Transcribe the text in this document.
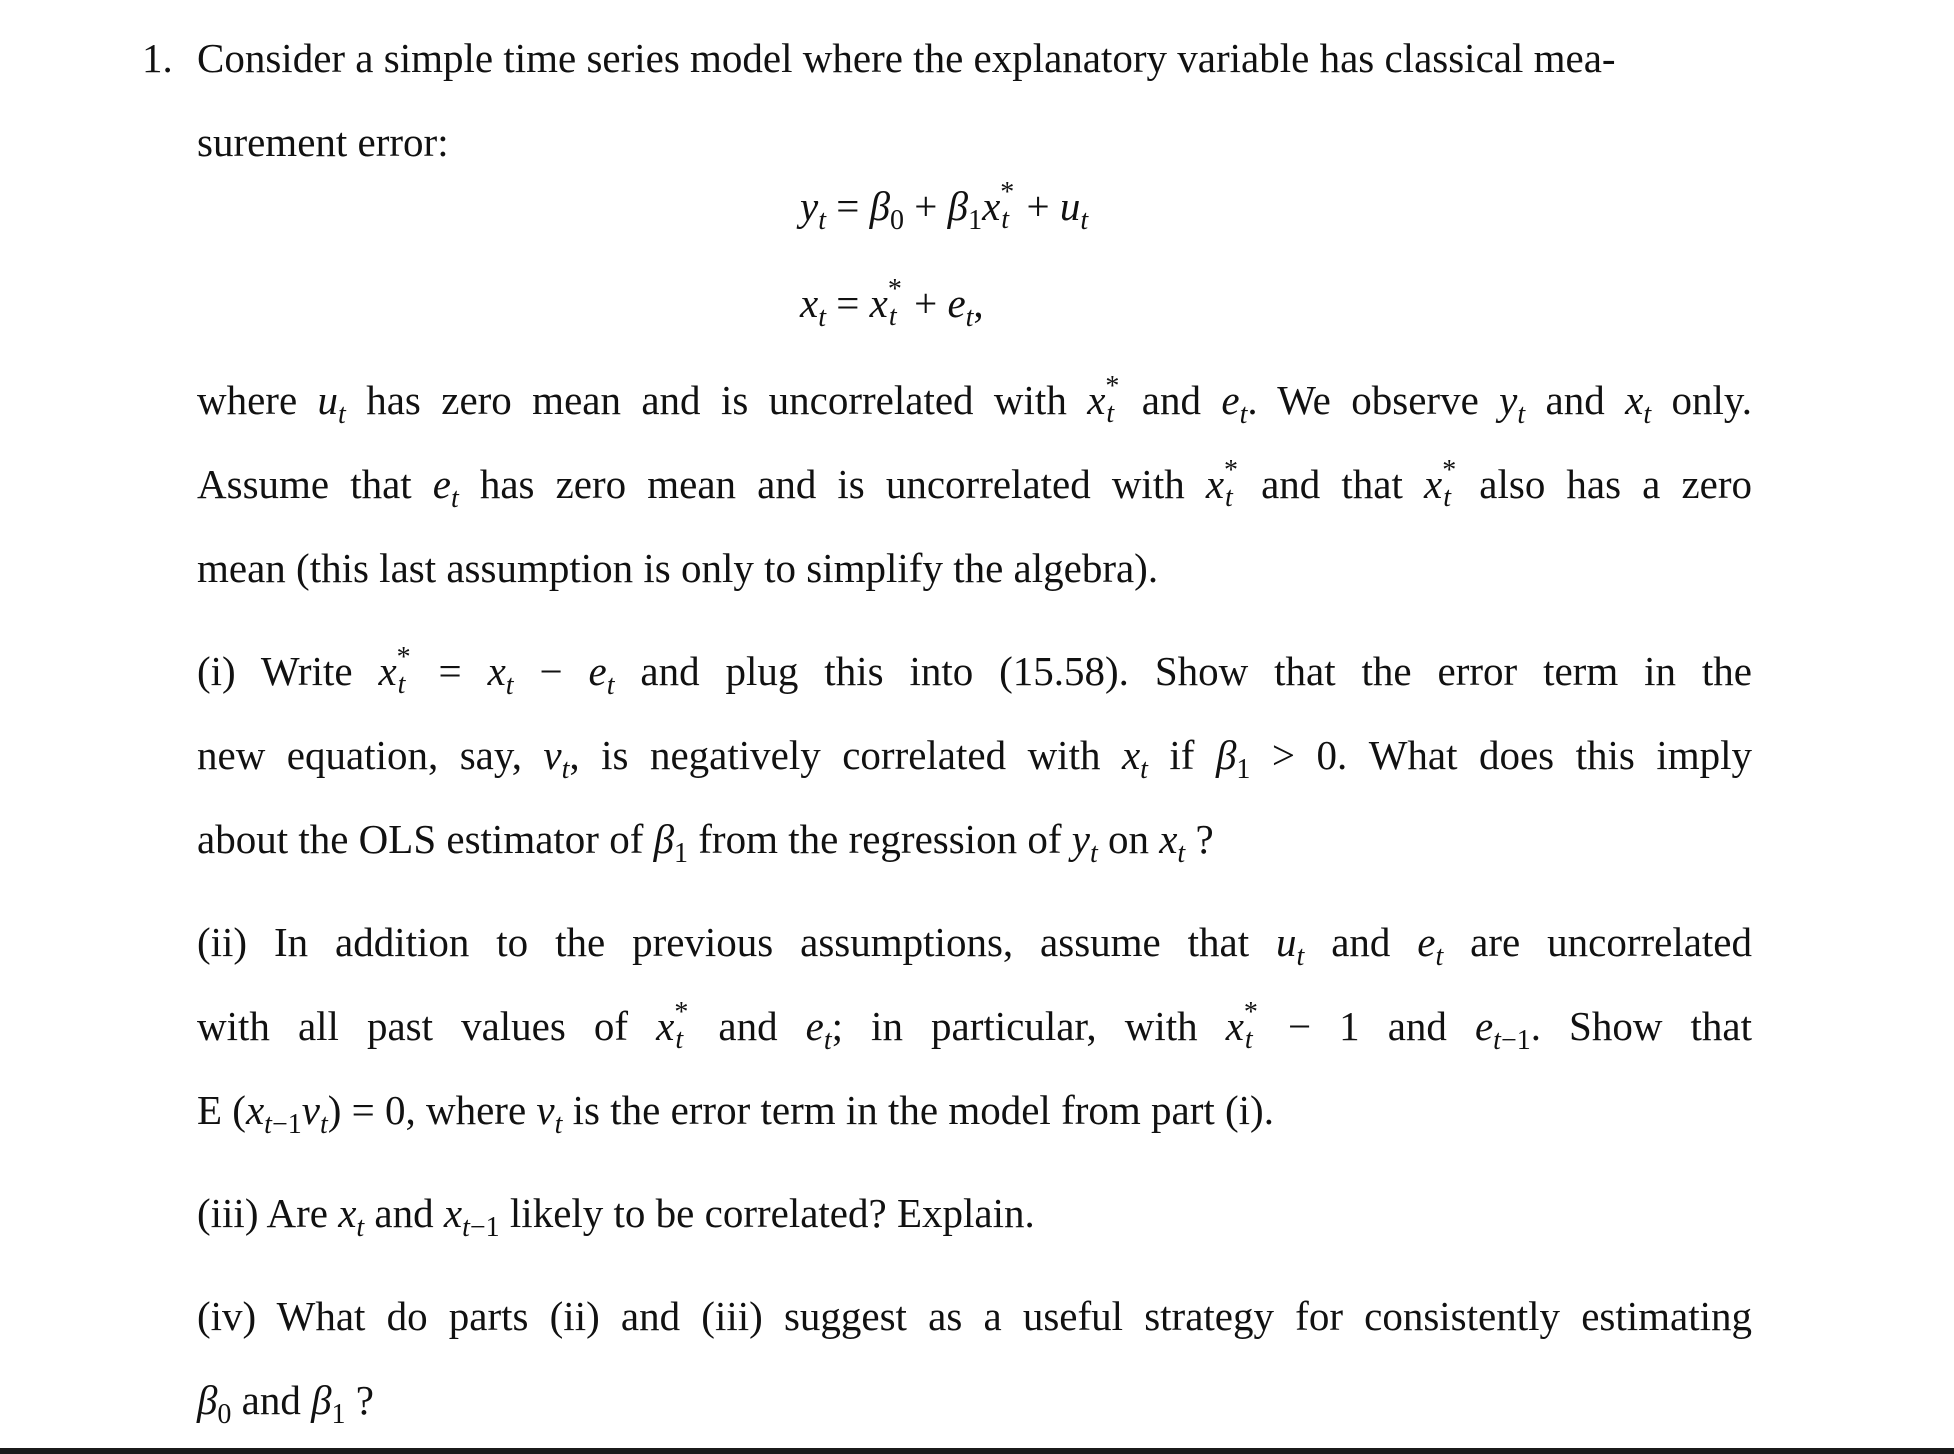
1. Consider a simple time series model where the explanatory variable has classical mea-
surement error:
$y_t = \beta_0 + \beta_1x$ *
$t + u_t$
$x_t = x$ *
$t + e_t$,
where $u_t$ has zero mean and is uncorrelated with x *
t and $e_t$. We observe $y_t$ and $x_t$ only.
Assume that $e_t$ has zero mean and is uncorrelated with x *
t and that x *
t also has a zero
mean (this last assumption is only to simplify the algebra).
(i) Write x *
$t = x_t - e_t$ and plug this into (15.58). Show that the error term in the
new equation, say, $v_t$, is negatively correlated with $x_t$ if $\beta_1 > 0$. What does this imply
about the OLS estimator of $\beta_1$ from the regression of $y_t$ on $x_t$ ?
(ii) In addition to the previous assumptions, assume that $u_t$ and $e_t$ are uncorrelated
with all past values of x *
t and $e_t$; in particular, with x *
t − 1 and $e_{t-1}$. Show that
E $(x_{t-1}v_t) = 0$, where $v_t$ is the error term in the model from part (i).
(iii) Are $x_t$ and $x_{t-1}$ likely to be correlated? Explain.
(iv) What do parts (ii) and (iii) suggest as a useful strategy for consistently estimating
$\beta_0$ and $\beta_1$ ?
